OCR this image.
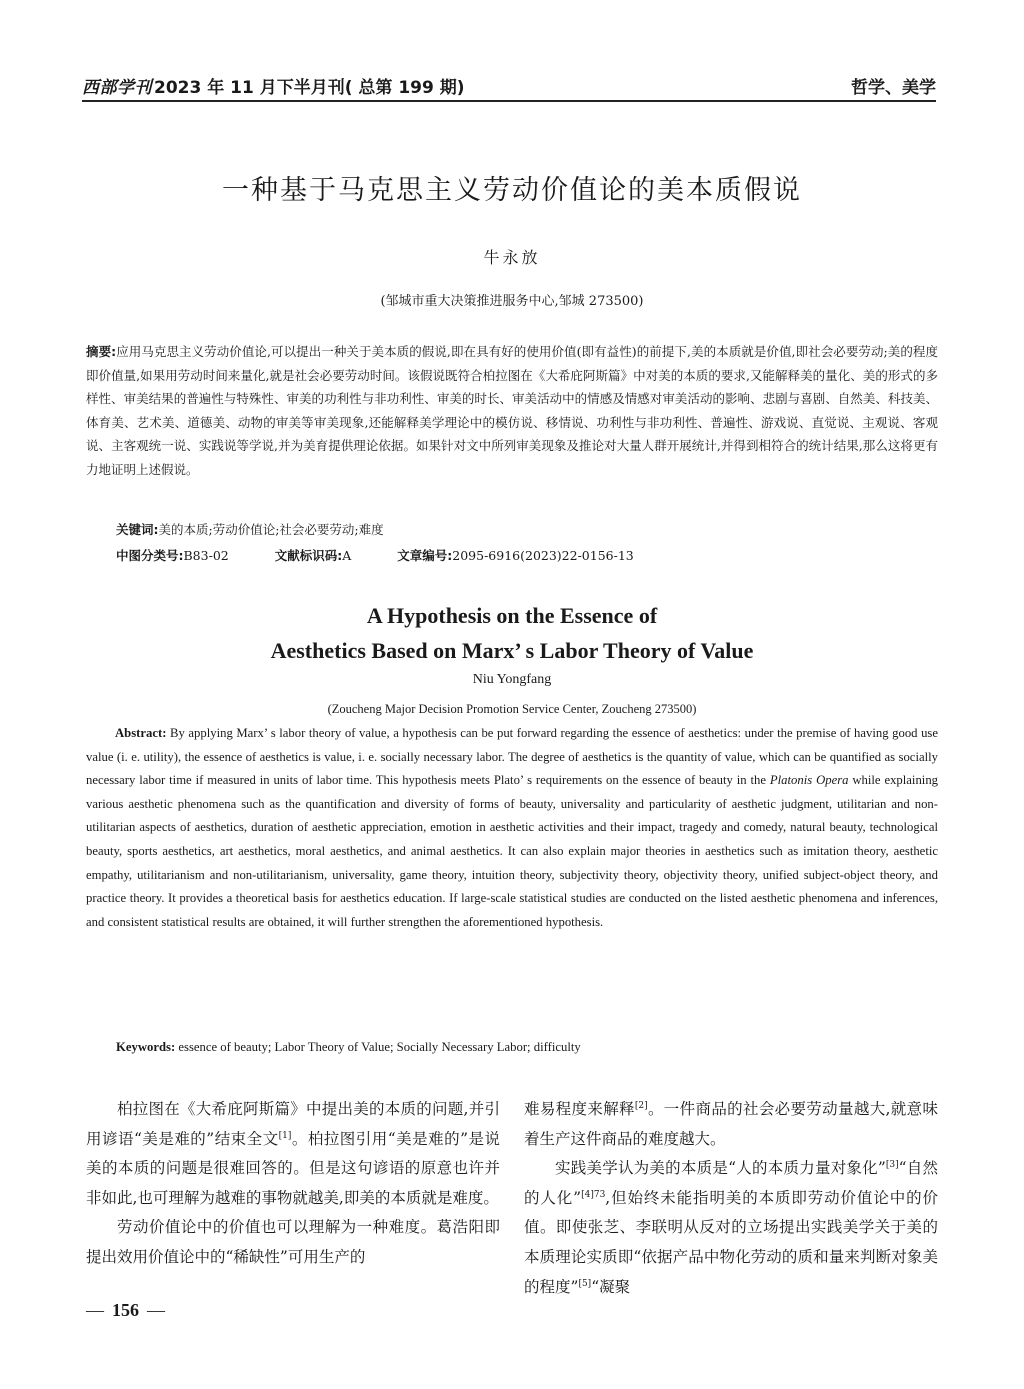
西部学刊 2023 年 11 月下半月刊( 总第 199 期)	哲学、美学
一种基于马克思主义劳动价值论的美本质假说
牛永放
(邹城市重大决策推进服务中心,邹城 273500)
摘要:应用马克思主义劳动价值论,可以提出一种关于美本质的假说,即在具有好的使用价值(即有益性)的前提下,美的本质就是价值,即社会必要劳动;美的程度即价值量,如果用劳动时间来量化,就是社会必要劳动时间。该假说既符合柏拉图在《大希庇阿斯篇》中对美的本质的要求,又能解释美的量化、美的形式的多样性、审美结果的普遍性与特殊性、审美的功利性与非功利性、审美的时长、审美活动中的情感及情感对审美活动的影响、悲剧与喜剧、自然美、科技美、体育美、艺术美、道德美、动物的审美等审美现象,还能解释美学理论中的模仿说、移情说、功利性与非功利性、普遍性、游戏说、直觉说、主观说、客观说、主客观统一说、实践说等学说,并为美育提供理论依据。如果针对文中所列审美现象及推论对大量人群开展统计,并得到相符合的统计结果,那么这将更有力地证明上述假说。
关键词:美的本质;劳动价值论;社会必要劳动;难度
中图分类号:B83-02	文献标识码:A	文章编号:2095-6916(2023)22-0156-13
A Hypothesis on the Essence of
Aesthetics Based on Marx’ s Labor Theory of Value
Niu Yongfang
(Zoucheng Major Decision Promotion Service Center, Zoucheng 273500)

Abstract: By applying Marx’ s labor theory of value, a hypothesis can be put forward regarding the essence of aesthetics: under the premise of having good use value (i. e. utility), the essence of aesthetics is value, i. e. socially necessary labor. The degree of aesthetics is the quantity of value, which can be quantified as socially necessary labor time if measured in units of labor time. This hypothesis meets Plato’ s requirements on the essence of beauty in the Platonis Opera while explaining various aesthetic phenomena such as the quantification and diversity of forms of beauty, universality and particularity of aesthetic judgment, utilitarian and non-utilitarian aspects of aesthetics, duration of aesthetic appreciation, emotion in aesthetic activities and their impact, tragedy and comedy, natural beauty, technological beauty, sports aesthetics, art aesthetics, moral aesthetics, and animal aesthetics. It can also explain major theories in aesthetics such as imitation theory, aesthetic empathy, utilitarianism and non-utilitarianism, universality, game theory, intuition theory, subjectivity theory, objectivity theory, unified subject-object theory, and practice theory. It provides a theoretical basis for aesthetics education. If large-scale statistical studies are conducted on the listed aesthetic phenomena and inferences, and consistent statistical results are obtained, it will further strengthen the aforementioned hypothesis.

Keywords: essence of beauty; Labor Theory of Value; Socially Necessary Labor; difficulty

柏拉图在《大希庇阿斯篇》中提出美的本质的问题,并引用谚语“美是难的”结束全文[1]。柏拉图引用“美是难的”是说美的本质的问题是很难回答的。但是这句谚语的原意也许并非如此,也可理解为越难的事物就越美,即美的本质就是难度。

劳动价值论中的价值也可以理解为一种难度。葛浩阳即提出效用价值论中的“稀缺性”可用生产的

难易程度来解释[2]。一件商品的社会必要劳动量越大,就意味着生产这件商品的难度越大。

实践美学认为美的本质是“人的本质力量对象化”[3]“自然的人化”$^{[4]73}$,但始终未能指明美的本质即劳动价值论中的价值。即使张芝、李联明从反对的立场提出实践美学关于美的本质理论实质即“依据产品中物化劳动的质和量来判断对象美的程度”[5]“凝聚

— 156 —
